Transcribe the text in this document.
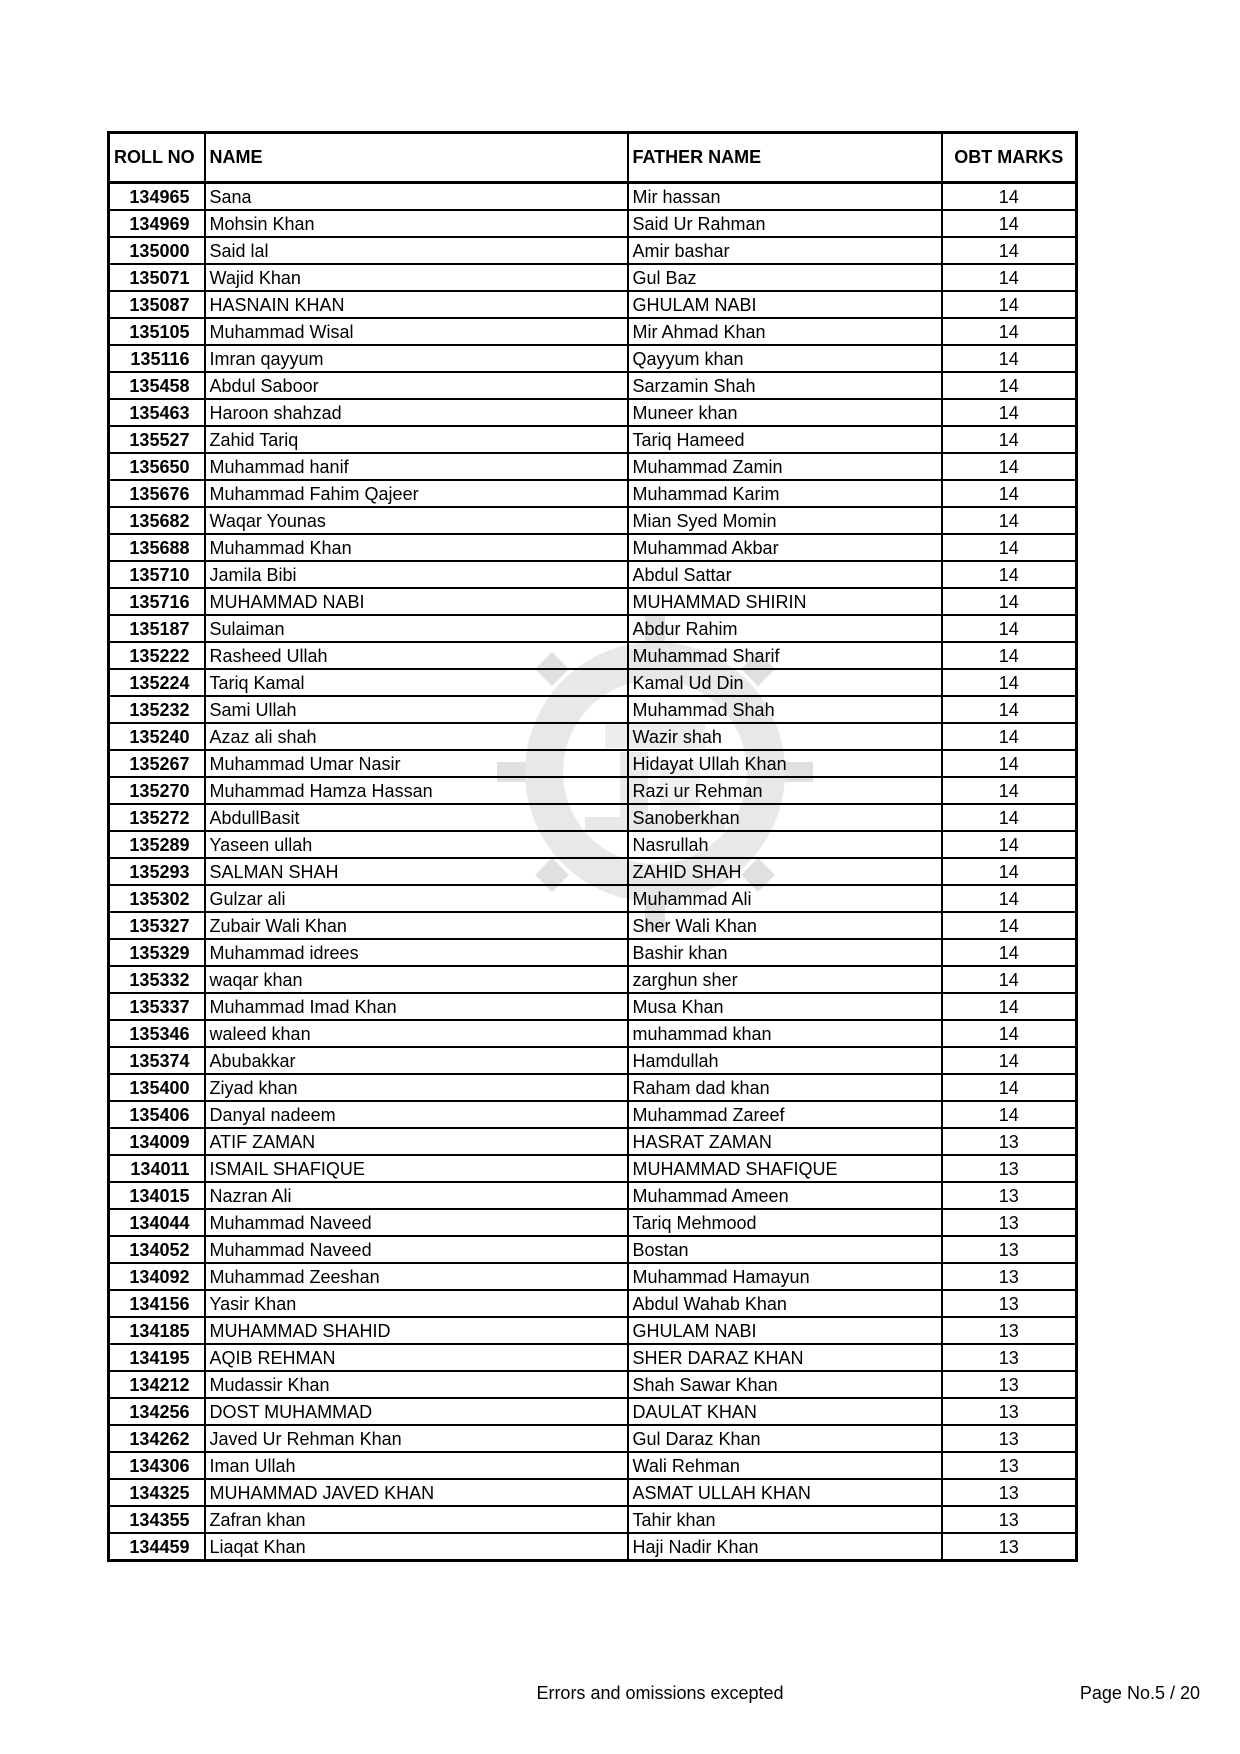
ROLL NO	NAME	FATHER NAME	OBT MARKS
134965	Sana	Mir hassan	14
134969	Mohsin Khan	Said Ur Rahman	14
135000	Said lal	Amir bashar	14
135071	Wajid Khan	Gul Baz	14
135087	HASNAIN KHAN	GHULAM NABI	14
135105	Muhammad Wisal	Mir Ahmad Khan	14
135116	Imran qayyum	Qayyum khan	14
135458	Abdul Saboor	Sarzamin Shah	14
135463	Haroon shahzad	Muneer khan	14
135527	Zahid Tariq	Tariq Hameed	14
135650	Muhammad hanif	Muhammad Zamin	14
135676	Muhammad Fahim Qajeer	Muhammad Karim	14
135682	Waqar Younas	Mian Syed Momin	14
135688	Muhammad Khan	Muhammad Akbar	14
135710	Jamila Bibi	Abdul Sattar	14
135716	MUHAMMAD NABI	MUHAMMAD SHIRIN	14
135187	Sulaiman	Abdur Rahim	14
135222	Rasheed Ullah	Muhammad Sharif	14
135224	Tariq Kamal	Kamal Ud Din	14
135232	Sami Ullah	Muhammad Shah	14
135240	Azaz ali shah	Wazir shah	14
135267	Muhammad Umar Nasir	Hidayat Ullah Khan	14
135270	Muhammad Hamza Hassan	Razi ur Rehman	14
135272	AbdullBasit	Sanoberkhan	14
135289	Yaseen ullah	Nasrullah	14
135293	SALMAN SHAH	ZAHID SHAH	14
135302	Gulzar ali	Muhammad Ali	14
135327	Zubair Wali Khan	Sher Wali Khan	14
135329	Muhammad idrees	Bashir khan	14
135332	waqar khan	zarghun sher	14
135337	Muhammad Imad Khan	Musa Khan	14
135346	waleed khan	muhammad khan	14
135374	Abubakkar	Hamdullah	14
135400	Ziyad khan	Raham dad khan	14
135406	Danyal nadeem	Muhammad Zareef	14
134009	ATIF ZAMAN	HASRAT ZAMAN	13
134011	ISMAIL SHAFIQUE	MUHAMMAD SHAFIQUE	13
134015	Nazran Ali	Muhammad Ameen	13
134044	Muhammad Naveed	Tariq Mehmood	13
134052	Muhammad Naveed	Bostan	13
134092	Muhammad Zeeshan	Muhammad Hamayun	13
134156	Yasir Khan	Abdul Wahab Khan	13
134185	MUHAMMAD SHAHID	GHULAM NABI	13
134195	AQIB REHMAN	SHER DARAZ KHAN	13
134212	Mudassir Khan	Shah Sawar Khan	13
134256	DOST MUHAMMAD	DAULAT KHAN	13
134262	Javed Ur Rehman Khan	Gul Daraz Khan	13
134306	Iman Ullah	Wali Rehman	13
134325	MUHAMMAD JAVED KHAN	ASMAT ULLAH KHAN	13
134355	Zafran khan	Tahir khan	13
134459	Liaqat Khan	Haji Nadir Khan	13
Errors and omissions excepted	Page No.5 / 20
